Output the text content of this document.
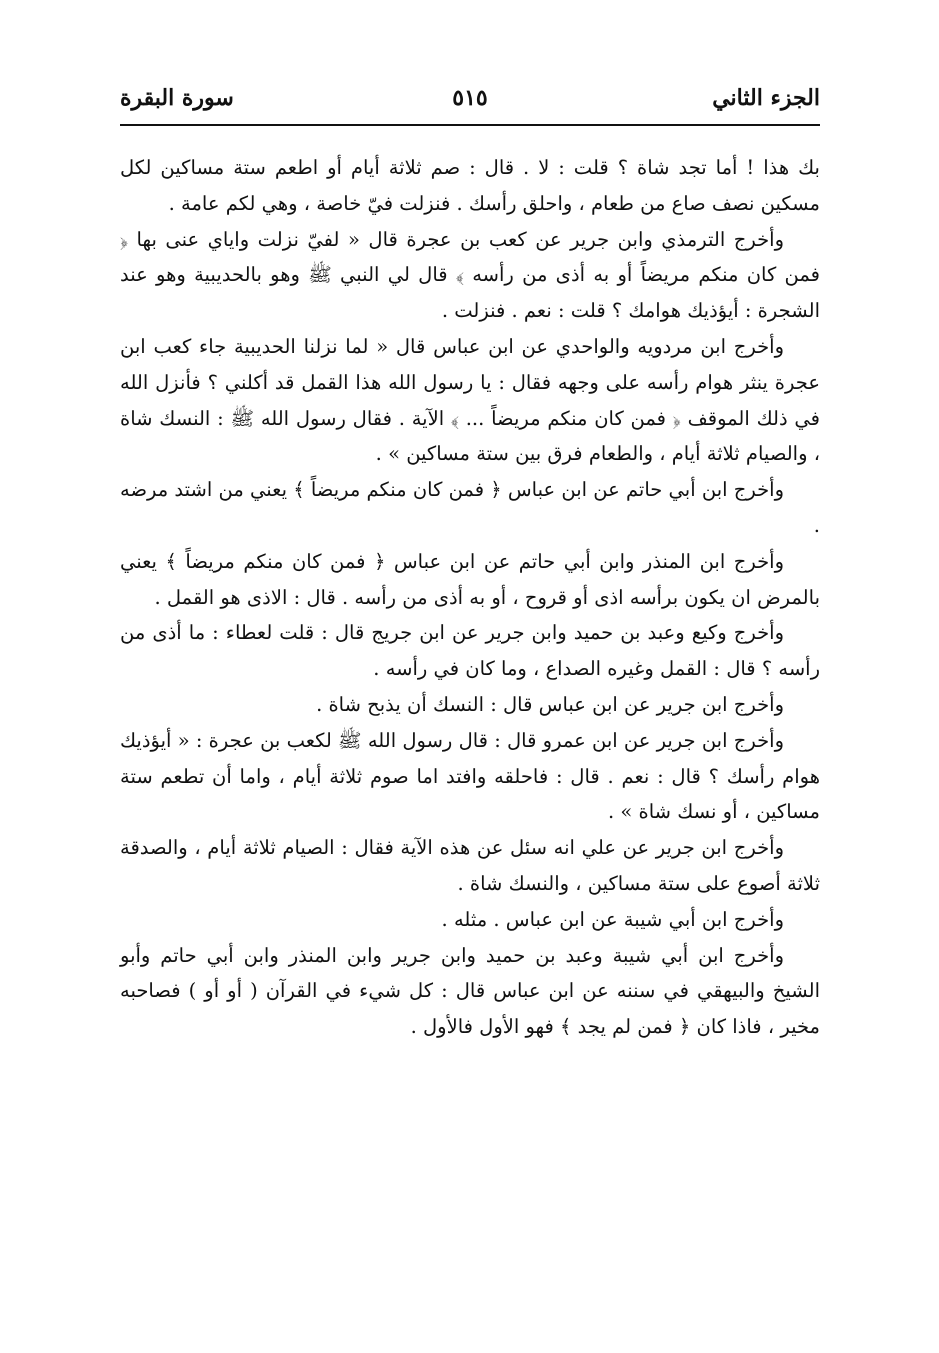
الجزء الثاني
٥١٥
سورة البقرة

بك هذا ! أما تجد شاة ؟ قلت : لا . قال : صم ثلاثة أيام أو اطعم ستة مساكين لكل مسكين نصف صاع من طعام ، واحلق رأسك . فنزلت فيّ خاصة ، وهي لكم عامة .

وأخرج الترمذي وابن جرير عن كعب بن عجرة قال « لفيّ نزلت واياي عنى بها ﴿ فمن كان منكم مريضاً أو به أذى من رأسه ﴾ قال لي النبي ﷺ وهو بالحديبية وهو عند الشجرة : أيؤذيك هوامك ؟ قلت : نعم . فنزلت .

وأخرج ابن مردويه والواحدي عن ابن عباس قال « لما نزلنا الحديبية جاء كعب ابن عجرة ينثر هوام رأسه على وجهه فقال : يا رسول الله هذا القمل قد أكلني ؟ فأنزل الله في ذلك الموقف ﴿ فمن كان منكم مريضاً ... ﴾ الآية . فقال رسول الله ﷺ : النسك شاة ، والصيام ثلاثة أيام ، والطعام فرق بين ستة مساكين » .

وأخرج ابن أبي حاتم عن ابن عباس ﴿ فمن كان منكم مريضاً ﴾ يعني من اشتد مرضه .

وأخرج ابن المنذر وابن أبي حاتم عن ابن عباس ﴿ فمن كان منكم مريضاً ﴾ يعني بالمرض ان يكون برأسه اذى أو قروح ، أو به أذى من رأسه . قال : الاذى هو القمل .

وأخرج وكيع وعبد بن حميد وابن جرير عن ابن جريج قال : قلت لعطاء : ما أذى من رأسه ؟ قال : القمل وغيره الصداع ، وما كان في رأسه .

وأخرج ابن جرير عن ابن عباس قال : النسك أن يذبح شاة .

وأخرج ابن جرير عن ابن عمرو قال : قال رسول الله ﷺ لكعب بن عجرة : « أيؤذيك هوام رأسك ؟ قال : نعم . قال : فاحلقه وافتد اما صوم ثلاثة أيام ، واما أن تطعم ستة مساكين ، أو نسك شاة » .

وأخرج ابن جرير عن علي انه سئل عن هذه الآية فقال : الصيام ثلاثة أيام ، والصدقة ثلاثة أصوع على ستة مساكين ، والنسك شاة .

وأخرج ابن أبي شيبة عن ابن عباس . مثله .

وأخرج ابن أبي شيبة وعبد بن حميد وابن جرير وابن المنذر وابن أبي حاتم وأبو الشيخ والبيهقي في سننه عن ابن عباس قال : كل شيء في القرآن ( أو أو ) فصاحبه مخير ، فاذا كان ﴿ فمن لم يجد ﴾ فهو الأول فالأول .
